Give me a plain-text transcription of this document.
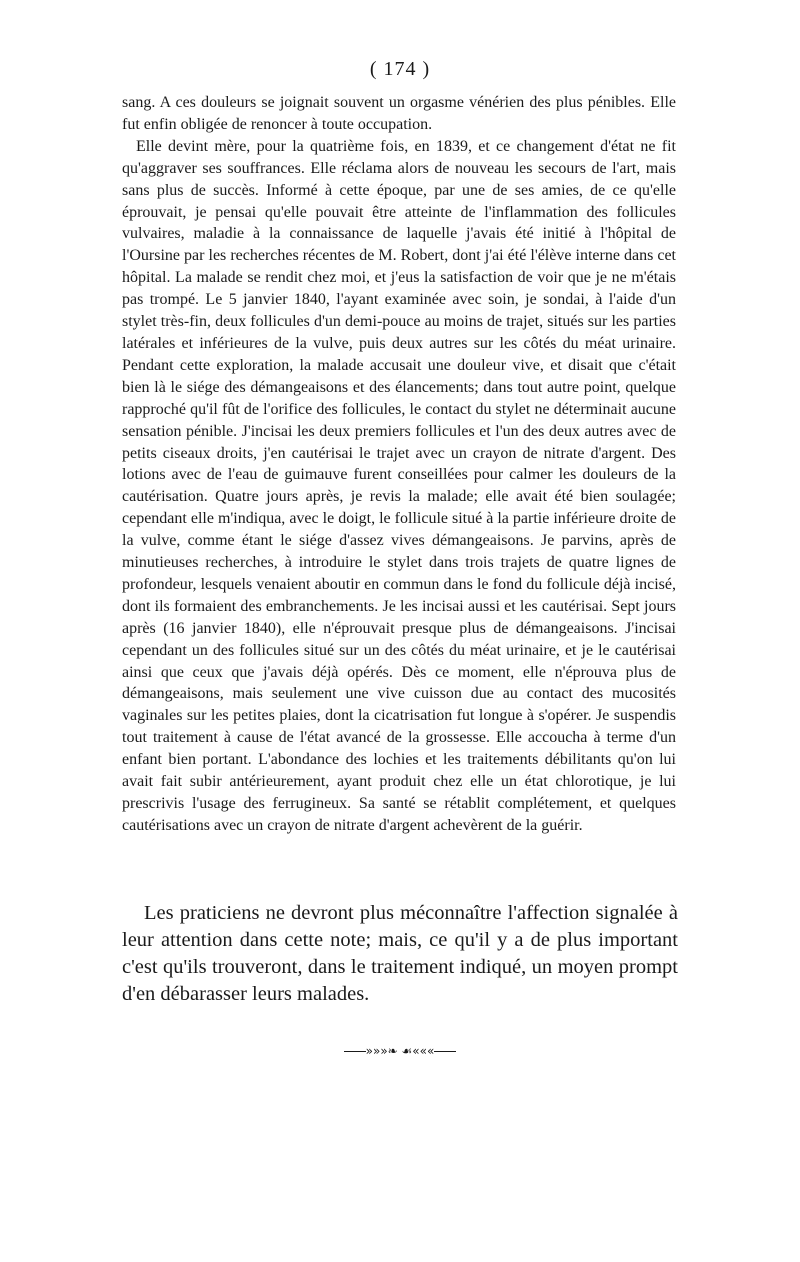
( 174 )

sang. A ces douleurs se joignait souvent un orgasme vénérien des plus pénibles. Elle fut enfin obligée de renoncer à toute occupation.

Elle devint mère, pour la quatrième fois, en 1839, et ce changement d'état ne fit qu'aggraver ses souffrances. Elle réclama alors de nouveau les secours de l'art, mais sans plus de succès. Informé à cette époque, par une de ses amies, de ce qu'elle éprouvait, je pensai qu'elle pouvait être atteinte de l'inflammation des follicules vulvaires, maladie à la connaissance de laquelle j'avais été initié à l'hôpital de l'Oursine par les recherches récentes de M. Robert, dont j'ai été l'élève interne dans cet hôpital. La malade se rendit chez moi, et j'eus la satisfaction de voir que je ne m'étais pas trompé. Le 5 janvier 1840, l'ayant examinée avec soin, je sondai, à l'aide d'un stylet très-fin, deux follicules d'un demi-pouce au moins de trajet, situés sur les parties latérales et inférieures de la vulve, puis deux autres sur les côtés du méat urinaire. Pendant cette exploration, la malade accusait une douleur vive, et disait que c'était bien là le siége des démangeaisons et des élancements; dans tout autre point, quelque rapproché qu'il fût de l'orifice des follicules, le contact du stylet ne déterminait aucune sensation pénible. J'incisai les deux premiers follicules et l'un des deux autres avec de petits ciseaux droits, j'en cautérisai le trajet avec un crayon de nitrate d'argent. Des lotions avec de l'eau de guimauve furent conseillées pour calmer les douleurs de la cautérisation. Quatre jours après, je revis la malade; elle avait été bien soulagée; cependant elle m'indiqua, avec le doigt, le follicule situé à la partie inférieure droite de la vulve, comme étant le siége d'assez vives démangeaisons. Je parvins, après de minutieuses recherches, à introduire le stylet dans trois trajets de quatre lignes de profondeur, lesquels venaient aboutir en commun dans le fond du follicule déjà incisé, dont ils formaient des embranchements. Je les incisai aussi et les cautérisai. Sept jours après (16 janvier 1840), elle n'éprouvait presque plus de démangeaisons. J'incisai cependant un des follicules situé sur un des côtés du méat urinaire, et je le cautérisai ainsi que ceux que j'avais déjà opérés. Dès ce moment, elle n'éprouva plus de démangeaisons, mais seulement une vive cuisson due au contact des mucosités vaginales sur les petites plaies, dont la cicatrisation fut longue à s'opérer. Je suspendis tout traitement à cause de l'état avancé de la grossesse. Elle accoucha à terme d'un enfant bien portant. L'abondance des lochies et les traitements débilitants qu'on lui avait fait subir antérieurement, ayant produit chez elle un état chlorotique, je lui prescrivis l'usage des ferrugineux. Sa santé se rétablit complétement, et quelques cautérisations avec un crayon de nitrate d'argent achevèrent de la guérir.

Les praticiens ne devront plus méconnaître l'affection signalée à leur attention dans cette note; mais, ce qu'il y a de plus important c'est qu'ils trouveront, dans le traitement indiqué, un moyen prompt d'en débarasser leurs malades.

»»»❧ ☙«««
